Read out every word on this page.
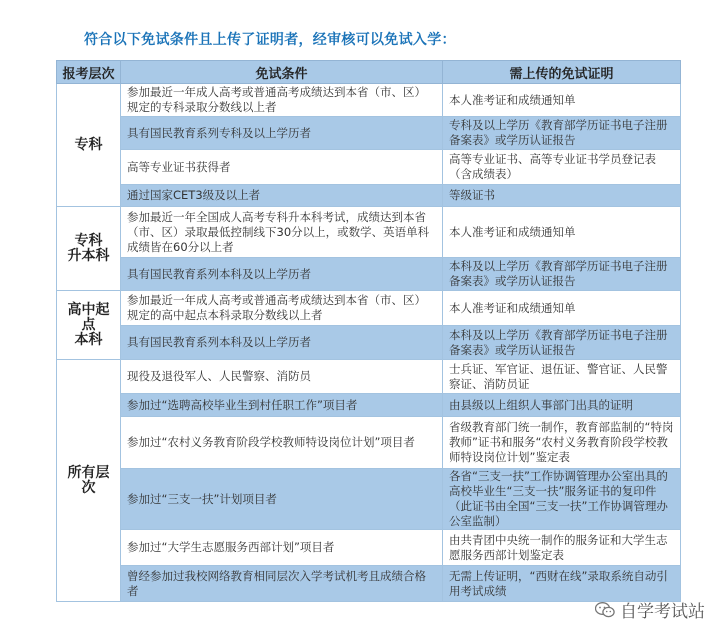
符合以下免试条件且上传了证明者，经审核可以免试入学：
报考层次	免试条件	需上传的免试证明
专科	参加最近一年成人高考或普通高考成绩达到本省（市、区）规定的专科录取分数线以上者	本人准考证和成绩通知单
	具有国民教育系列专科及以上学历者	专科及以上学历《教育部学历证书电子注册备案表》或学历认证报告
	高等专业证书获得者	高等专业证书、高等专业证书学员登记表（含成绩表）
	通过国家CET3级及以上者	等级证书

专科
升本科	参加最近一年全国成人高考专科升本科考试，成绩达到本省（市、区）录取最低控制线下30分以上，或数学、英语单科成绩皆在60分以上者	本人准考证和成绩通知单
	具有国民教育系列本科及以上学历者	本科及以上学历《教育部学历证书电子注册备案表》或学历认证报告

高中起点
本科	参加最近一年成人高考或普通高考成绩达到本省（市、区）规定的高中起点本科录取分数线以上者	本人准考证和成绩通知单
	具有国民教育系列本科及以上学历者	本科及以上学历《教育部学历证书电子注册备案表》或学历认证报告
所有层次	现役及退役军人、人民警察、消防员	士兵证、军官证、退伍证、警官证、人民警察证、消防员证
	参加过“选聘高校毕业生到村任职工作”项目者	由县级以上组织人事部门出具的证明
	参加过“农村义务教育阶段学校教师特设岗位计划”项目者	省级教育部门统一制作，教育部监制的“特岗教师”证书和服务“农村义务教育阶段学校教师特设岗位计划”鉴定表
	参加过“三支一扶”计划项目者	各省“三支一扶”工作协调管理办公室出具的高校毕业生“三支一扶”服务证书的复印件（此证书由全国“三支一扶”工作协调管理办公室监制）
	参加过“大学生志愿服务西部计划”项目者	由共青团中央统一制作的服务证和大学生志愿服务西部计划鉴定表
	曾经参加过我校网络教育相同层次入学考试机考且成绩合格者	无需上传证明，“西财在线”录取系统自动引用考试成绩
自学考试站
